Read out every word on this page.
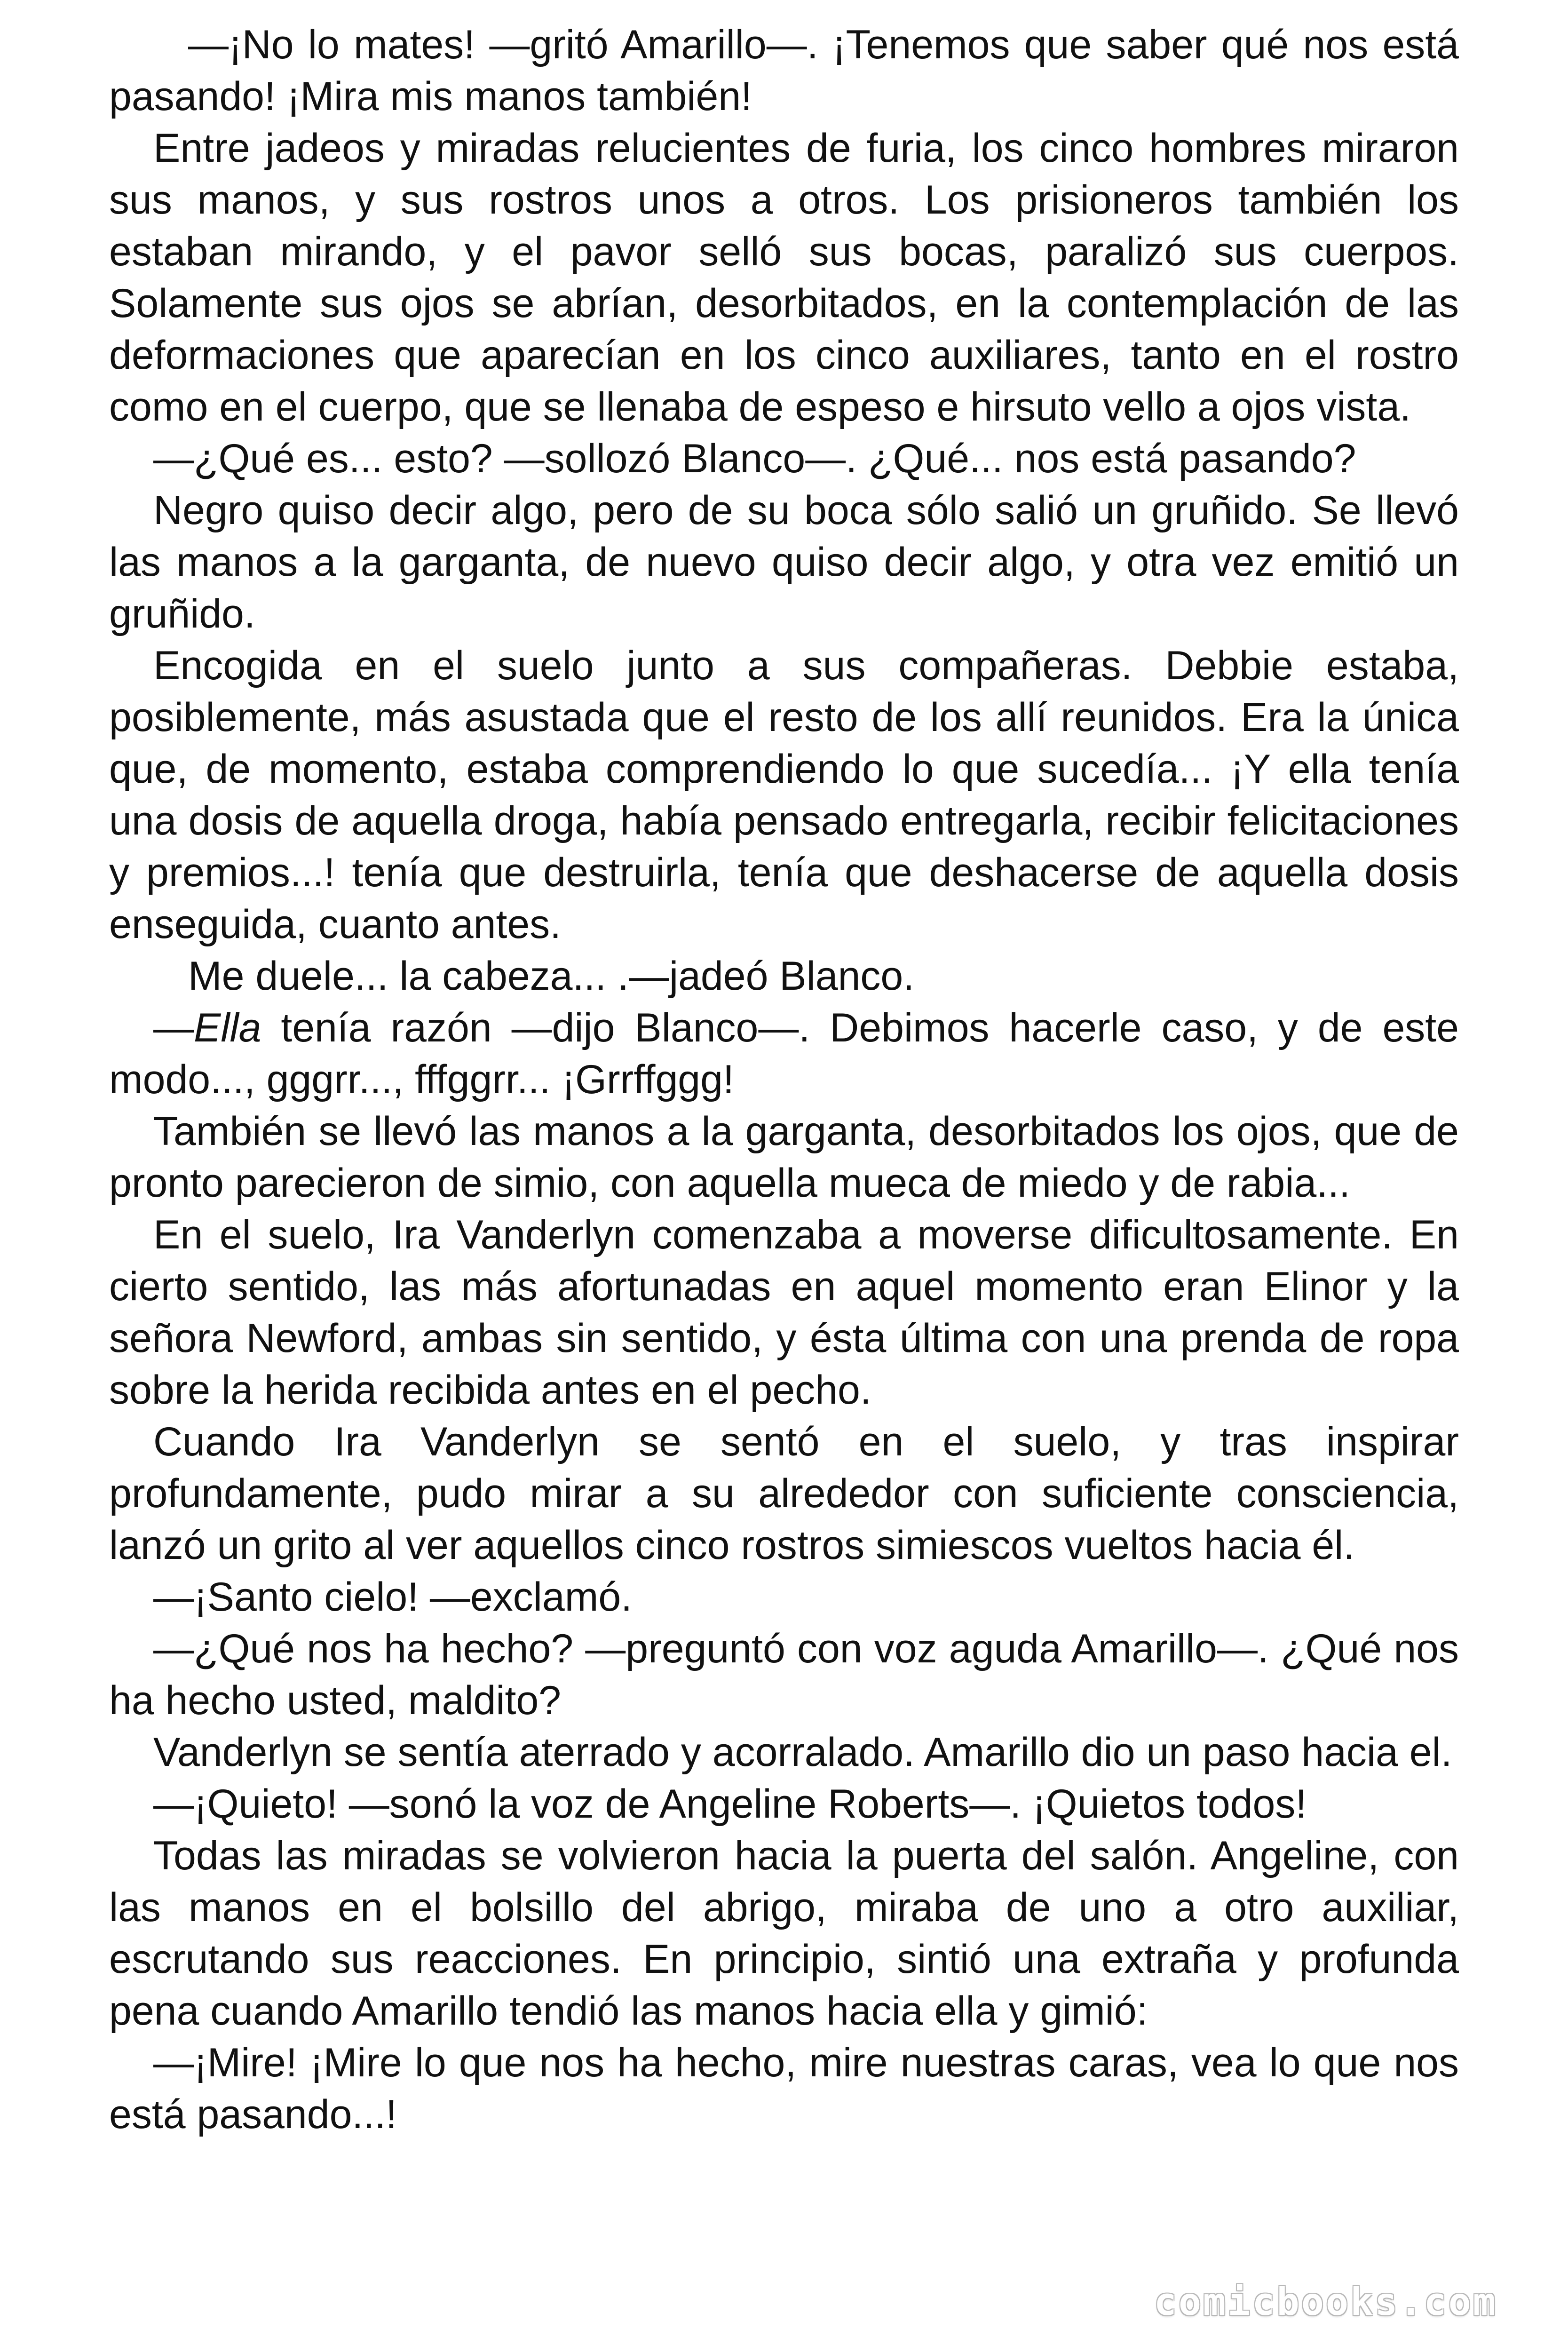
—¡No lo mates! —gritó Amarillo—. ¡Tenemos que saber qué nos está pasando! ¡Mira mis manos también!

Entre jadeos y miradas relucientes de furia, los cinco hombres miraron sus manos, y sus rostros unos a otros. Los prisioneros también los estaban mirando, y el pavor selló sus bocas, paralizó sus cuerpos. Solamente sus ojos se abrían, desorbitados, en la contemplación de las deformaciones que aparecían en los cinco auxiliares, tanto en el rostro como en el cuerpo, que se llenaba de espeso e hirsuto vello a ojos vista.

—¿Qué es... esto? —sollozó Blanco—. ¿Qué... nos está pasando?

Negro quiso decir algo, pero de su boca sólo salió un gruñido. Se llevó las manos a la garganta, de nuevo quiso decir algo, y otra vez emitió un gruñido.

Encogida en el suelo junto a sus compañeras. Debbie estaba, posiblemente, más asustada que el resto de los allí reunidos. Era la única que, de momento, estaba comprendiendo lo que sucedía... ¡Y ella tenía una dosis de aquella droga, había pensado entregarla, recibir felicitaciones y premios...! tenía que destruirla, tenía que deshacerse de aquella dosis enseguida, cuanto antes.

Me duele... la cabeza... .—jadeó Blanco.

—Ella tenía razón —dijo Blanco—. Debimos hacerle caso, y de este modo..., gggrr..., fffggrr... ¡Grrffggg!

También se llevó las manos a la garganta, desorbitados los ojos, que de pronto parecieron de simio, con aquella mueca de miedo y de rabia...

En el suelo, Ira Vanderlyn comenzaba a moverse dificultosamente. En cierto sentido, las más afortunadas en aquel momento eran Elinor y la señora Newford, ambas sin sentido, y ésta última con una prenda de ropa sobre la herida recibida antes en el pecho.

Cuando Ira Vanderlyn se sentó en el suelo, y tras inspirar profundamente, pudo mirar a su alrededor con suficiente consciencia, lanzó un grito al ver aquellos cinco rostros simiescos vueltos hacia él.

—¡Santo cielo! —exclamó.

—¿Qué nos ha hecho? —preguntó con voz aguda Amarillo—. ¿Qué nos ha hecho usted, maldito?

Vanderlyn se sentía aterrado y acorralado. Amarillo dio un paso hacia el.

—¡Quieto! —sonó la voz de Angeline Roberts—. ¡Quietos todos!

Todas las miradas se volvieron hacia la puerta del salón. Angeline, con las manos en el bolsillo del abrigo, miraba de uno a otro auxiliar, escrutando sus reacciones. En principio, sintió una extraña y profunda pena cuando Amarillo tendió las manos hacia ella y gimió:

—¡Mire! ¡Mire lo que nos ha hecho, mire nuestras caras, vea lo que nos está pasando...!

comicbooks.com
